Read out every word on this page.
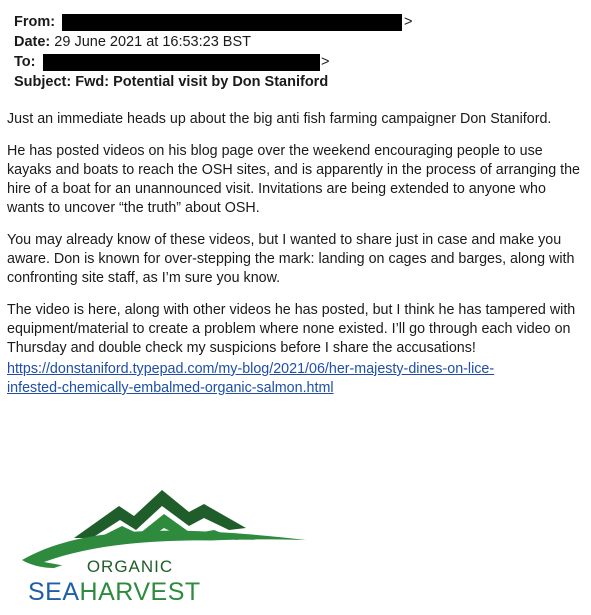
From:	>
Date: 29 June 2021 at 16:53:23 BST
To:	>
Subject: Fwd: Potential visit by Don Staniford

Just an immediate heads up about the big anti fish farming campaigner Don Staniford.

He has posted videos on his blog page over the weekend encouraging people to use kayaks and boats to reach the OSH sites, and is apparently in the process of arranging the hire of a boat for an unannounced visit. Invitations are being extended to anyone who wants to uncover “the truth” about OSH.

You may already know of these videos, but I wanted to share just in case and make you aware. Don is known for over-stepping the mark: landing on cages and barges, along with confronting site staff, as I’m sure you know.

The video is here, along with other videos he has posted, but I think he has tampered with equipment/material to create a problem where none existed. I’ll go through each video on Thursday and double check my suspicions before I share the accusations!

https://donstaniford.typepad.com/my-blog/2021/06/her-majesty-dines-on-lice-
infested-chemically-embalmed-organic-salmon.html

ORGANIC
SEAHARVEST
